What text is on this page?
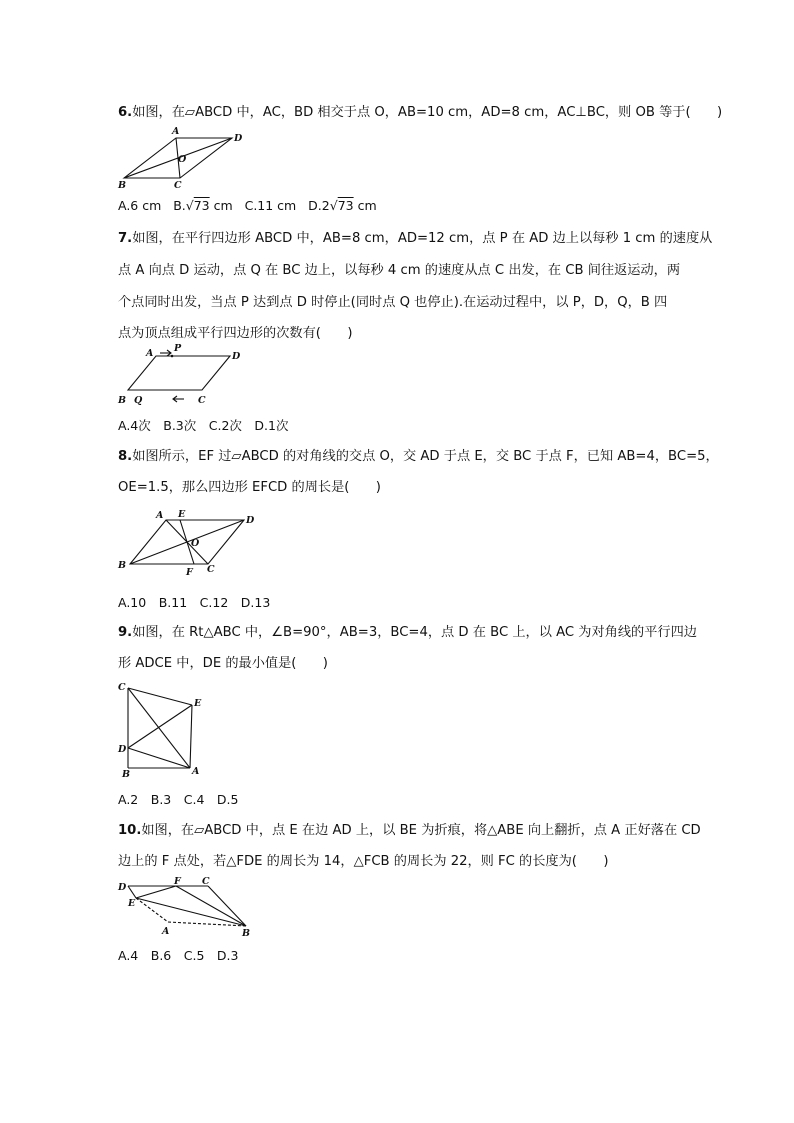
6.如图，在▱ABCD 中，AC，BD 相交于点 O，AB=10 cm，AD=8 cm，AC⊥BC，则 OB 等于(　　)
A
D
O
B	C
A.6 cm B.√73 cm C.11 cm D.2√73 cm
7.如图，在平行四边形 ABCD 中，AB=8 cm，AD=12 cm，点 P 在 AD 边上以每秒 1 cm 的速度从
点 A 向点 D 运动，点 Q 在 BC 边上，以每秒 4 cm 的速度从点 C 出发，在 CB 间往返运动，两
个点同时出发，当点 P 达到点 D 时停止(同时点 Q 也停止).在运动过程中，以 P，D，Q，B 四
点为顶点组成平行四边形的次数有(　　)
A P
D
B Q	C
A.4次　B.3次　C.2次　D.1次
8.如图所示，EF 过▱ABCD 的对角线的交点 O，交 AD 于点 E，交 BC 于点 F，已知 AB=4，BC=5，
OE=1.5，那么四边形 EFCD 的周长是(　　)
A E
D
O
B
F C
A.10　B.11　C.12　D.13
9.如图，在 Rt△ABC 中，∠B=90°，AB=3，BC=4，点 D 在 BC 上，以 AC 为对角线的平行四边
形 ADCE 中，DE 的最小值是(　　)
C
E
D
B	A
A.2　B.3　C.4　D.5
10.如图，在▱ABCD 中，点 E 在边 AD 上，以 BE 为折痕，将△ABE 向上翻折，点 A 正好落在 CD
边上的 F 点处，若△FDE 的周长为 14，△FCB 的周长为 22，则 FC 的长度为(　　)
D
F C
E
B
A
A.4　B.6　C.5　D.3
